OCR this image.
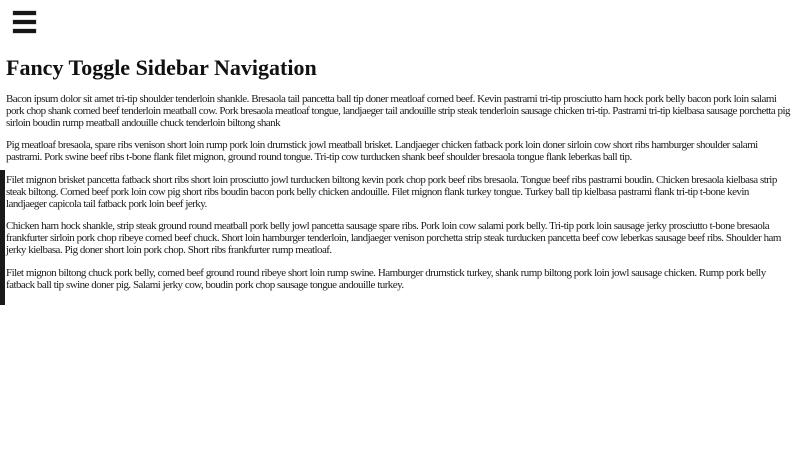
Fancy Toggle Sidebar Navigation

Bacon ipsum dolor sit amet tri-tip shoulder tenderloin shankle. Bresaola tail pancetta ball tip doner meatloaf corned beef. Kevin pastrami tri-tip prosciutto ham hock pork belly bacon pork loin salami pork chop shank corned beef tenderloin meatball cow. Pork bresaola meatloaf tongue, landjaeger tail andouille strip steak tenderloin sausage chicken tri-tip. Pastrami tri-tip kielbasa sausage porchetta pig sirloin boudin rump meatball andouille chuck tenderloin biltong shank

Pig meatloaf bresaola, spare ribs venison short loin rump pork loin drumstick jowl meatball brisket. Landjaeger chicken fatback pork loin doner sirloin cow short ribs hamburger shoulder salami pastrami. Pork swine beef ribs t-bone flank filet mignon, ground round tongue. Tri-tip cow turducken shank beef shoulder bresaola tongue flank leberkas ball tip.

Filet mignon brisket pancetta fatback short ribs short loin prosciutto jowl turducken biltong kevin pork chop pork beef ribs bresaola. Tongue beef ribs pastrami boudin. Chicken bresaola kielbasa strip steak biltong. Corned beef pork loin cow pig short ribs boudin bacon pork belly chicken andouille. Filet mignon flank turkey tongue. Turkey ball tip kielbasa pastrami flank tri-tip t-bone kevin landjaeger capicola tail fatback pork loin beef jerky.

Chicken ham hock shankle, strip steak ground round meatball pork belly jowl pancetta sausage spare ribs. Pork loin cow salami pork belly. Tri-tip pork loin sausage jerky prosciutto t-bone bresaola frankfurter sirloin pork chop ribeye corned beef chuck. Short loin hamburger tenderloin, landjaeger venison porchetta strip steak turducken pancetta beef cow leberkas sausage beef ribs. Shoulder ham jerky kielbasa. Pig doner short loin pork chop. Short ribs frankfurter rump meatloaf.

Filet mignon biltong chuck pork belly, corned beef ground round ribeye short loin rump swine. Hamburger drumstick turkey, shank rump biltong pork loin jowl sausage chicken. Rump pork belly fatback ball tip swine doner pig. Salami jerky cow, boudin pork chop sausage tongue andouille turkey.
